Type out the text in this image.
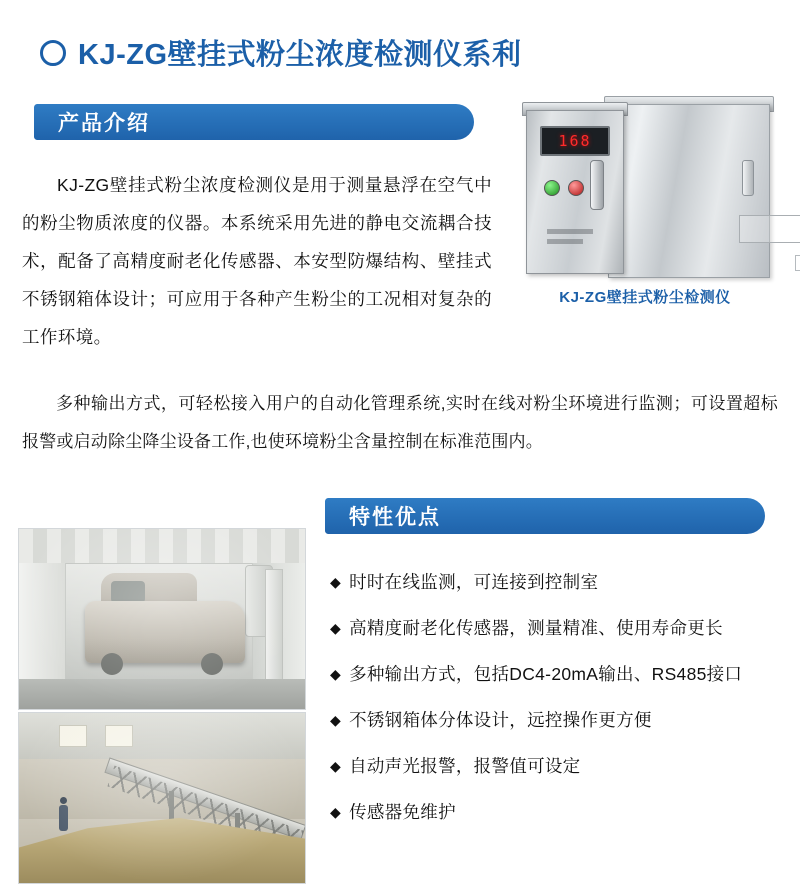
KJ-ZG壁挂式粉尘浓度检测仪系利
产品介绍

KJ-ZG壁挂式粉尘浓度检测仪是用于测量悬浮在空气中的粉尘物质浓度的仪器。本系统采用先进的静电交流耦合技术，配备了高精度耐老化传感器、本安型防爆结构、壁挂式不锈钢箱体设计；可应用于各种产生粉尘的工况相对复杂的工作环境。

168
KJ-ZG壁挂式粉尘检测仪

多种输出方式，可轻松接入用户的自动化管理系统,实时在线对粉尘环境进行监测；可设置超标报警或启动除尘降尘设备工作,也使环境粉尘含量控制在标准范围内。

特性优点
◆ 时时在线监测，可连接到控制室
◆ 高精度耐老化传感器，测量精准、使用寿命更长
◆ 多种输出方式，包括DC4-20mA输出、RS485接口
◆ 不锈钢箱体分体设计，远控操作更方便
◆ 自动声光报警，报警值可设定
◆ 传感器免维护
